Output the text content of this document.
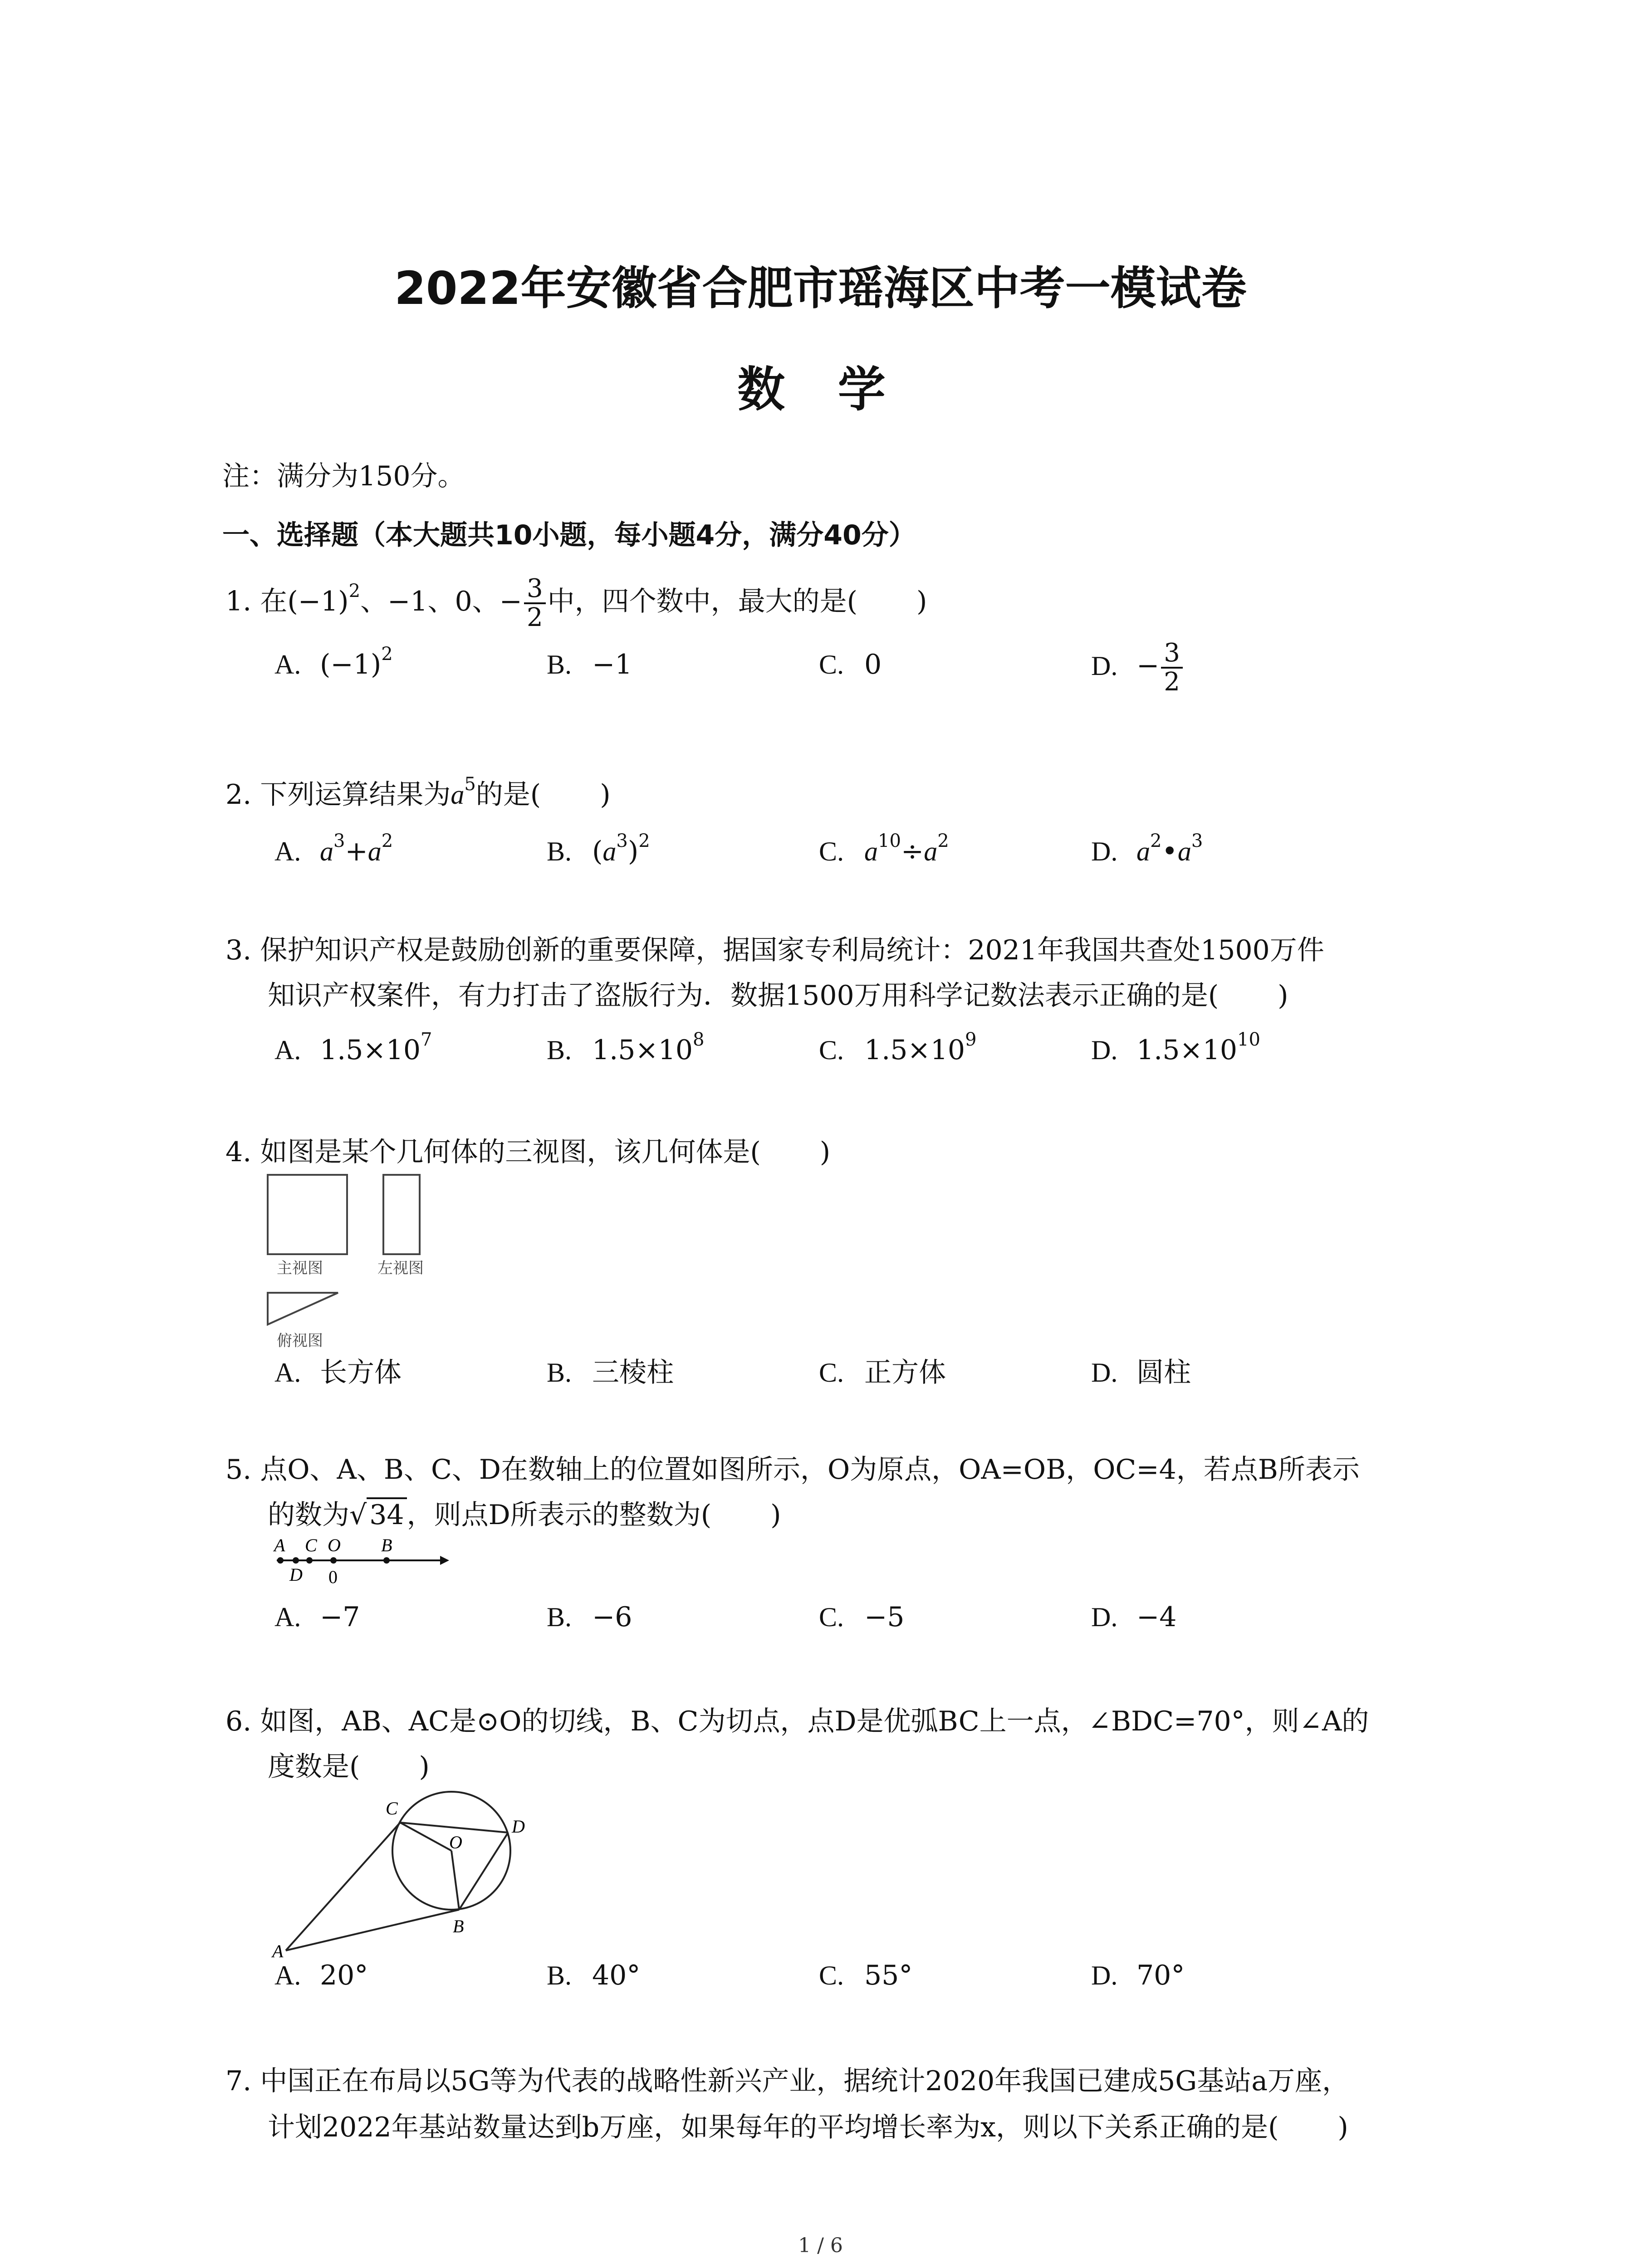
2022年安徽省合肥市瑶海区中考一模试卷
数 学
注：满分为150分。
一、选择题（本大题共10小题，每小题4分，满分40分）
1. 在$(-1)^2$、−1、0、− $\frac{3}{2}$ 中，四个数中，最大的是( )
A. $(-1)^2$	B. −1	C. 0	D. − $\frac{3}{2}$
2. 下列运算结果为$a^5$的是( )
A. $a^3+a^2$	B. $(a^3)^2$	C. $a^{10}\div a^2$	D. $a^2•a^3$
3. 保护知识产权是鼓励创新的重要保障，据国家专利局统计：2021年我国共查处1500万件
知识产权案件，有力打击了盗版行为．数据1500万用科学记数法表示正确的是( )
A. $1.5\times 10^7$	B. $1.5\times 10^8$	C. $1.5\times 10^9$	D. $1.5\times 10^{10}$
4. 如图是某个几何体的三视图，该几何体是( )
主视图	左视图
俯视图
A. 长方体	B. 三棱柱	C. 正方体	D. 圆柱
5. 点O、A、B、C、D在数轴上的位置如图所示，O为原点，OA=OB，OC=4，若点B所表示
的数为√ 34 ，则点D所表示的整数为( )
A C O B
D 0
A. −7	B. −6	C. −5	D. −4
6. 如图，AB、AC是⊙O的切线，B、C为切点，点D是优弧BC上一点，∠BDC=70°，则∠A的
度数是( )
A
B
C
D
O
A. 20°	B. 40°	C. 55°	D. 70°
7. 中国正在布局以5G等为代表的战略性新兴产业，据统计2020年我国已建成5G基站a万座，
计划2022年基站数量达到b万座，如果每年的平均增长率为x，则以下关系正确的是( )
1 / 6
